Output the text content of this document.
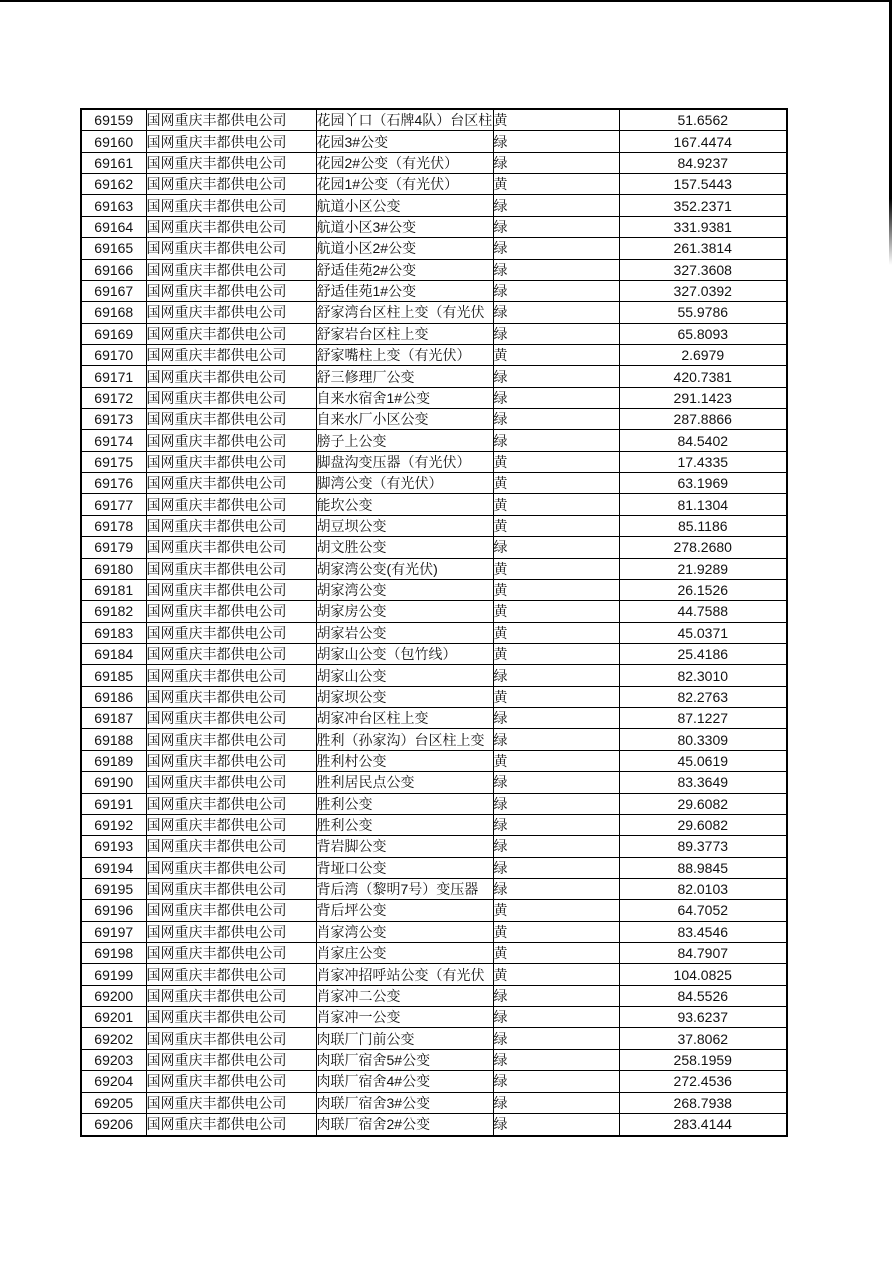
69159	国网重庆丰都供电公司	花园丫口（石牌4队）台区柱	黄	51.6562
69160	国网重庆丰都供电公司	花园3#公变	绿	167.4474
69161	国网重庆丰都供电公司	花园2#公变（有光伏）	绿	84.9237
69162	国网重庆丰都供电公司	花园1#公变（有光伏）	黄	157.5443
69163	国网重庆丰都供电公司	航道小区公变	绿	352.2371
69164	国网重庆丰都供电公司	航道小区3#公变	绿	331.9381
69165	国网重庆丰都供电公司	航道小区2#公变	绿	261.3814
69166	国网重庆丰都供电公司	舒适佳苑2#公变	绿	327.3608
69167	国网重庆丰都供电公司	舒适佳苑1#公变	绿	327.0392
69168	国网重庆丰都供电公司	舒家湾台区柱上变（有光伏	绿	55.9786
69169	国网重庆丰都供电公司	舒家岩台区柱上变	绿	65.8093
69170	国网重庆丰都供电公司	舒家嘴柱上变（有光伏）	黄	2.6979
69171	国网重庆丰都供电公司	舒三修理厂公变	绿	420.7381
69172	国网重庆丰都供电公司	自来水宿舍1#公变	绿	291.1423
69173	国网重庆丰都供电公司	自来水厂小区公变	绿	287.8866
69174	国网重庆丰都供电公司	膀子上公变	绿	84.5402
69175	国网重庆丰都供电公司	脚盘沟变压器（有光伏）	黄	17.4335
69176	国网重庆丰都供电公司	脚湾公变（有光伏）	黄	63.1969
69177	国网重庆丰都供电公司	能坎公变	黄	81.1304
69178	国网重庆丰都供电公司	胡豆坝公变	黄	85.1186
69179	国网重庆丰都供电公司	胡文胜公变	绿	278.2680
69180	国网重庆丰都供电公司	胡家湾公变(有光伏)	黄	21.9289
69181	国网重庆丰都供电公司	胡家湾公变	黄	26.1526
69182	国网重庆丰都供电公司	胡家房公变	黄	44.7588
69183	国网重庆丰都供电公司	胡家岩公变	黄	45.0371
69184	国网重庆丰都供电公司	胡家山公变（包竹线）	黄	25.4186
69185	国网重庆丰都供电公司	胡家山公变	绿	82.3010
69186	国网重庆丰都供电公司	胡家坝公变	黄	82.2763
69187	国网重庆丰都供电公司	胡家冲台区柱上变	绿	87.1227
69188	国网重庆丰都供电公司	胜利（孙家沟）台区柱上变	绿	80.3309
69189	国网重庆丰都供电公司	胜利村公变	黄	45.0619
69190	国网重庆丰都供电公司	胜利居民点公变	绿	83.3649
69191	国网重庆丰都供电公司	胜利公变	绿	29.6082
69192	国网重庆丰都供电公司	胜利公变	绿	29.6082
69193	国网重庆丰都供电公司	背岩脚公变	绿	89.3773
69194	国网重庆丰都供电公司	背垭口公变	绿	88.9845
69195	国网重庆丰都供电公司	背后湾（黎明7号）变压器	绿	82.0103
69196	国网重庆丰都供电公司	背后坪公变	黄	64.7052
69197	国网重庆丰都供电公司	肖家湾公变	黄	83.4546
69198	国网重庆丰都供电公司	肖家庄公变	黄	84.7907
69199	国网重庆丰都供电公司	肖家冲招呼站公变（有光伏	黄	104.0825
69200	国网重庆丰都供电公司	肖家冲二公变	绿	84.5526
69201	国网重庆丰都供电公司	肖家冲一公变	绿	93.6237
69202	国网重庆丰都供电公司	肉联厂门前公变	绿	37.8062
69203	国网重庆丰都供电公司	肉联厂宿舍5#公变	绿	258.1959
69204	国网重庆丰都供电公司	肉联厂宿舍4#公变	绿	272.4536
69205	国网重庆丰都供电公司	肉联厂宿舍3#公变	绿	268.7938
69206	国网重庆丰都供电公司	肉联厂宿舍2#公变	绿	283.4144
